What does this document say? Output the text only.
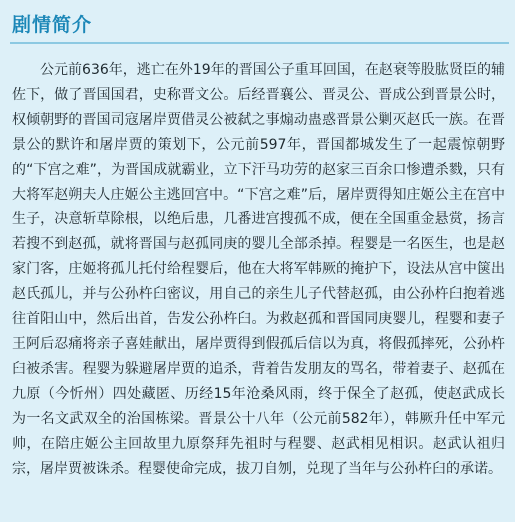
剧情简介
公元前636年，逃亡在外19年的晋国公子重耳回国，在赵衰等股肱贤臣的辅佐下，做了晋国国君，史称晋文公。后经晋襄公、晋灵公、晋成公到晋景公时，权倾朝野的晋国司寇屠岸贾借灵公被弑之事煽动蛊惑晋景公剿灭赵氏一族。在晋景公的默许和屠岸贾的策划下，公元前597年，晋国都城发生了一起震惊朝野的“下宫之难”，为晋国成就霸业，立下汗马功劳的赵家三百余口惨遭杀戮，只有大将军赵朔夫人庄姬公主逃回宫中。“下宫之难”后，屠岸贾得知庄姬公主在宫中生子，决意斩草除根，以绝后患，几番进宫搜孤不成，便在全国重金悬赏，扬言若搜不到赵孤，就将晋国与赵孤同庚的婴儿全部杀掉。程婴是一名医生，也是赵家门客，庄姬将孤儿托付给程婴后，他在大将军韩厥的掩护下，设法从宫中箧出赵氏孤儿，并与公孙杵臼密议，用自己的亲生儿子代替赵孤，由公孙杵臼抱着逃往首阳山中，然后出首，告发公孙杵臼。为救赵孤和晋国同庚婴儿，程婴和妻子王阿后忍痛将亲子喜娃献出，屠岸贾得到假孤后信以为真，将假孤摔死，公孙杵臼被杀害。程婴为躲避屠岸贾的追杀，背着告发朋友的骂名，带着妻子、赵孤在九原（今忻州）四处藏匿、历经15年沧桑风雨，终于保全了赵孤，使赵武成长为一名文武双全的治国栋梁。晋景公十八年（公元前582年），韩厥升任中军元帅，在陪庄姬公主回故里九原祭拜先祖时与程婴、赵武相见相识。赵武认祖归宗，屠岸贾被诛杀。程婴使命完成，拔刀自刎，兑现了当年与公孙杵臼的承诺。
